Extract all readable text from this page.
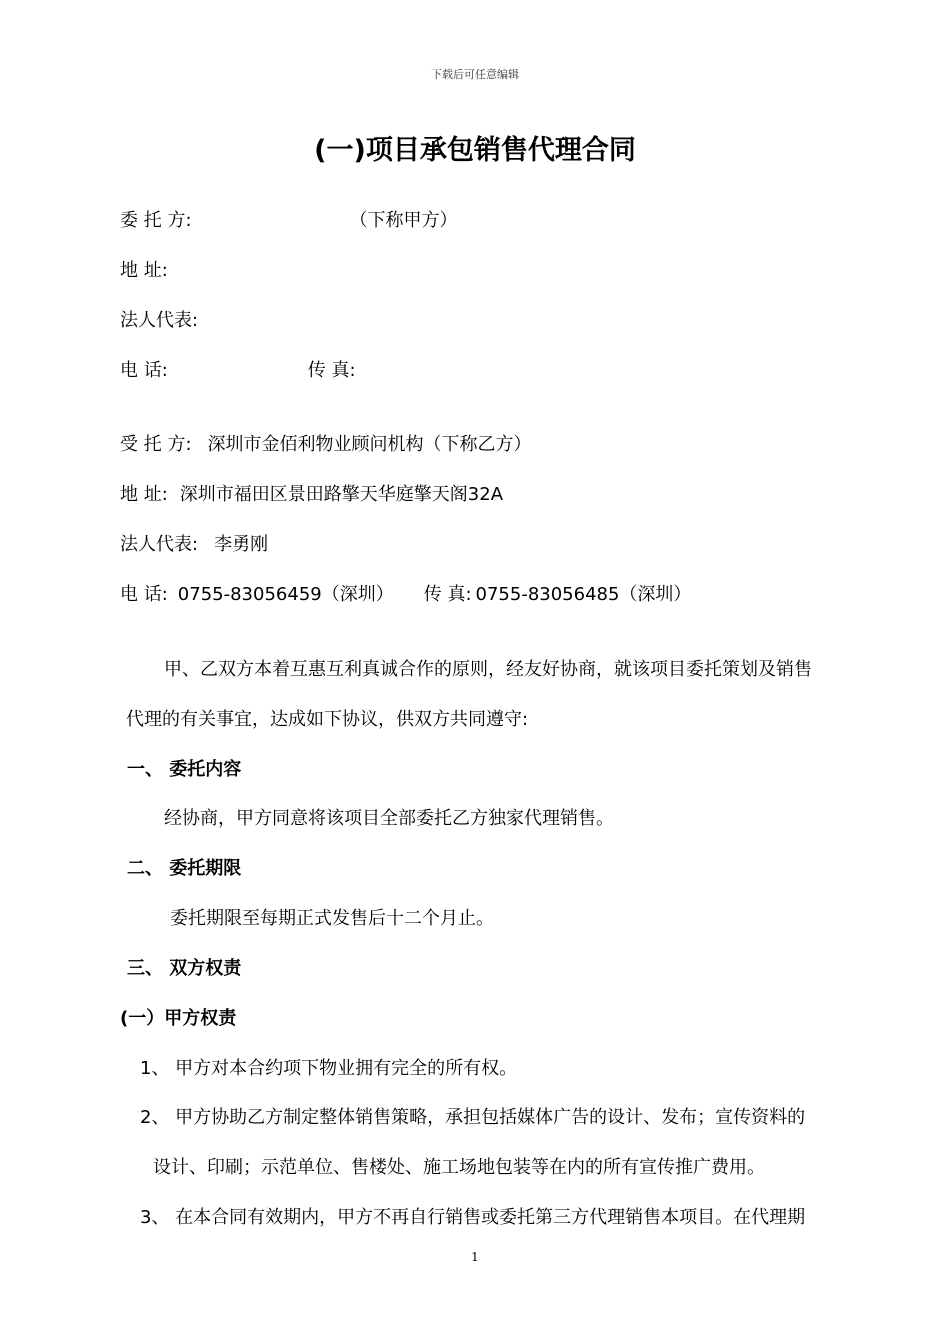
下载后可任意编辑
(一)项目承包销售代理合同
委 托 方:	（下称甲方）
地 址:
法人代表:
电 话:	传 真:
受 托 方: 深圳市金佰利物业顾问机构（下称乙方）
地 址: 深圳市福田区景田路擎天华庭擎天阁32A
法人代表: 李勇刚
电 话: 0755-83056459（深圳） 传 真: 0755-83056485（深圳）
甲、乙双方本着互惠互利真诚合作的原则，经友好协商，就该项目委托策划及销售
代理的有关事宜，达成如下协议，供双方共同遵守:
一、 委托内容
经协商，甲方同意将该项目全部委托乙方独家代理销售。
二、 委托期限
委托期限至每期正式发售后十二个月止。
三、 双方权责
(一）甲方权责
1、 甲方对本合约项下物业拥有完全的所有权。
2、 甲方协助乙方制定整体销售策略，承担包括媒体广告的设计、发布；宣传资料的
设计、印刷；示范单位、售楼处、施工场地包装等在内的所有宣传推广费用。
3、 在本合同有效期内，甲方不再自行销售或委托第三方代理销售本项目。在代理期
1
